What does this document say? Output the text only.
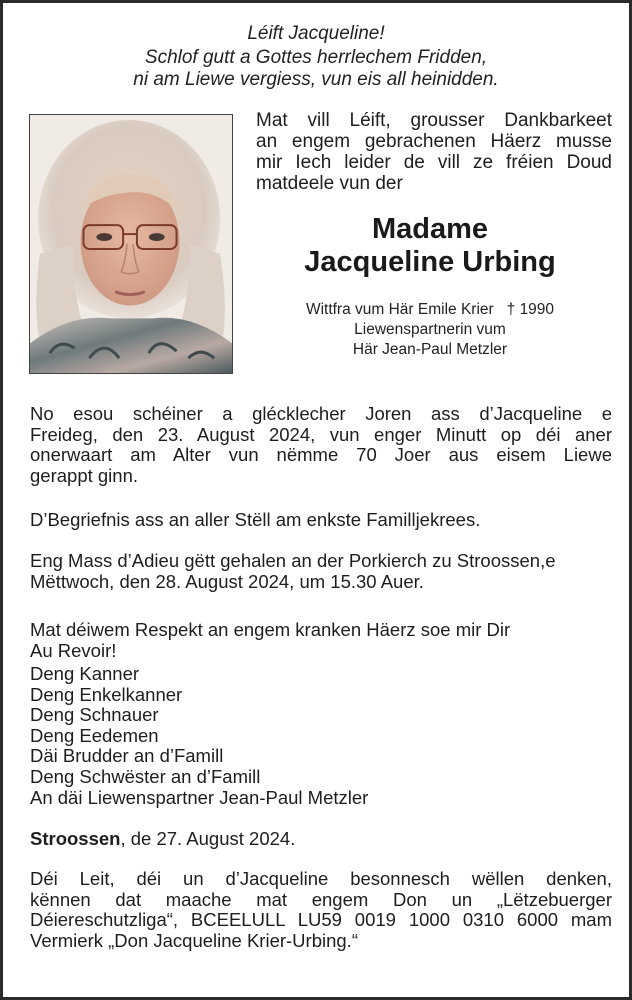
Léift Jacqueline!
Schlof gutt a Gottes herrlechem Fridden,
ni am Liewe vergiess, vun eis all heinidden.
Mat vill Léift, grousser Dankbarkeet
an engem gebrachenen Häerz musse
mir Iech leider de vill ze fréien Doud
matdeele vun der
Madame
Jacqueline Urbing
Wittfra vum Här Emile Krier † 1990
Liewenspartnerin vum
Här Jean-Paul Metzler
No esou schéiner a glécklecher Joren ass d’Jacqueline e
Freideg, den 23. August 2024, vun enger Minutt op déi aner
onerwaart am Alter vun nëmme 70 Joer aus eisem Liewe
gerappt ginn.
D’Begriefnis ass an aller Stëll am enkste Familljekrees.
Eng Mass d’Adieu gëtt gehalen an der Porkierch zu Stroossen,e
Mëttwoch, den 28. August 2024, um 15.30 Auer.
Mat déiwem Respekt an engem kranken Häerz soe mir Dir
Au Revoir!
Deng Kanner
Deng Enkelkanner
Deng Schnauer
Deng Eedemen
Däi Brudder an d’Famill
Deng Schwëster an d’Famill
An däi Liewenspartner Jean-Paul Metzler
Stroossen, de 27. August 2024.
Déi Leit, déi un d’Jacqueline besonnesch wëllen denken,
kënnen dat maache mat engem Don un „Lëtzebuerger
Déiereschutzliga“, BCEELULL LU59 0019 1000 0310 6000 mam
Vermierk „Don Jacqueline Krier-Urbing.“
